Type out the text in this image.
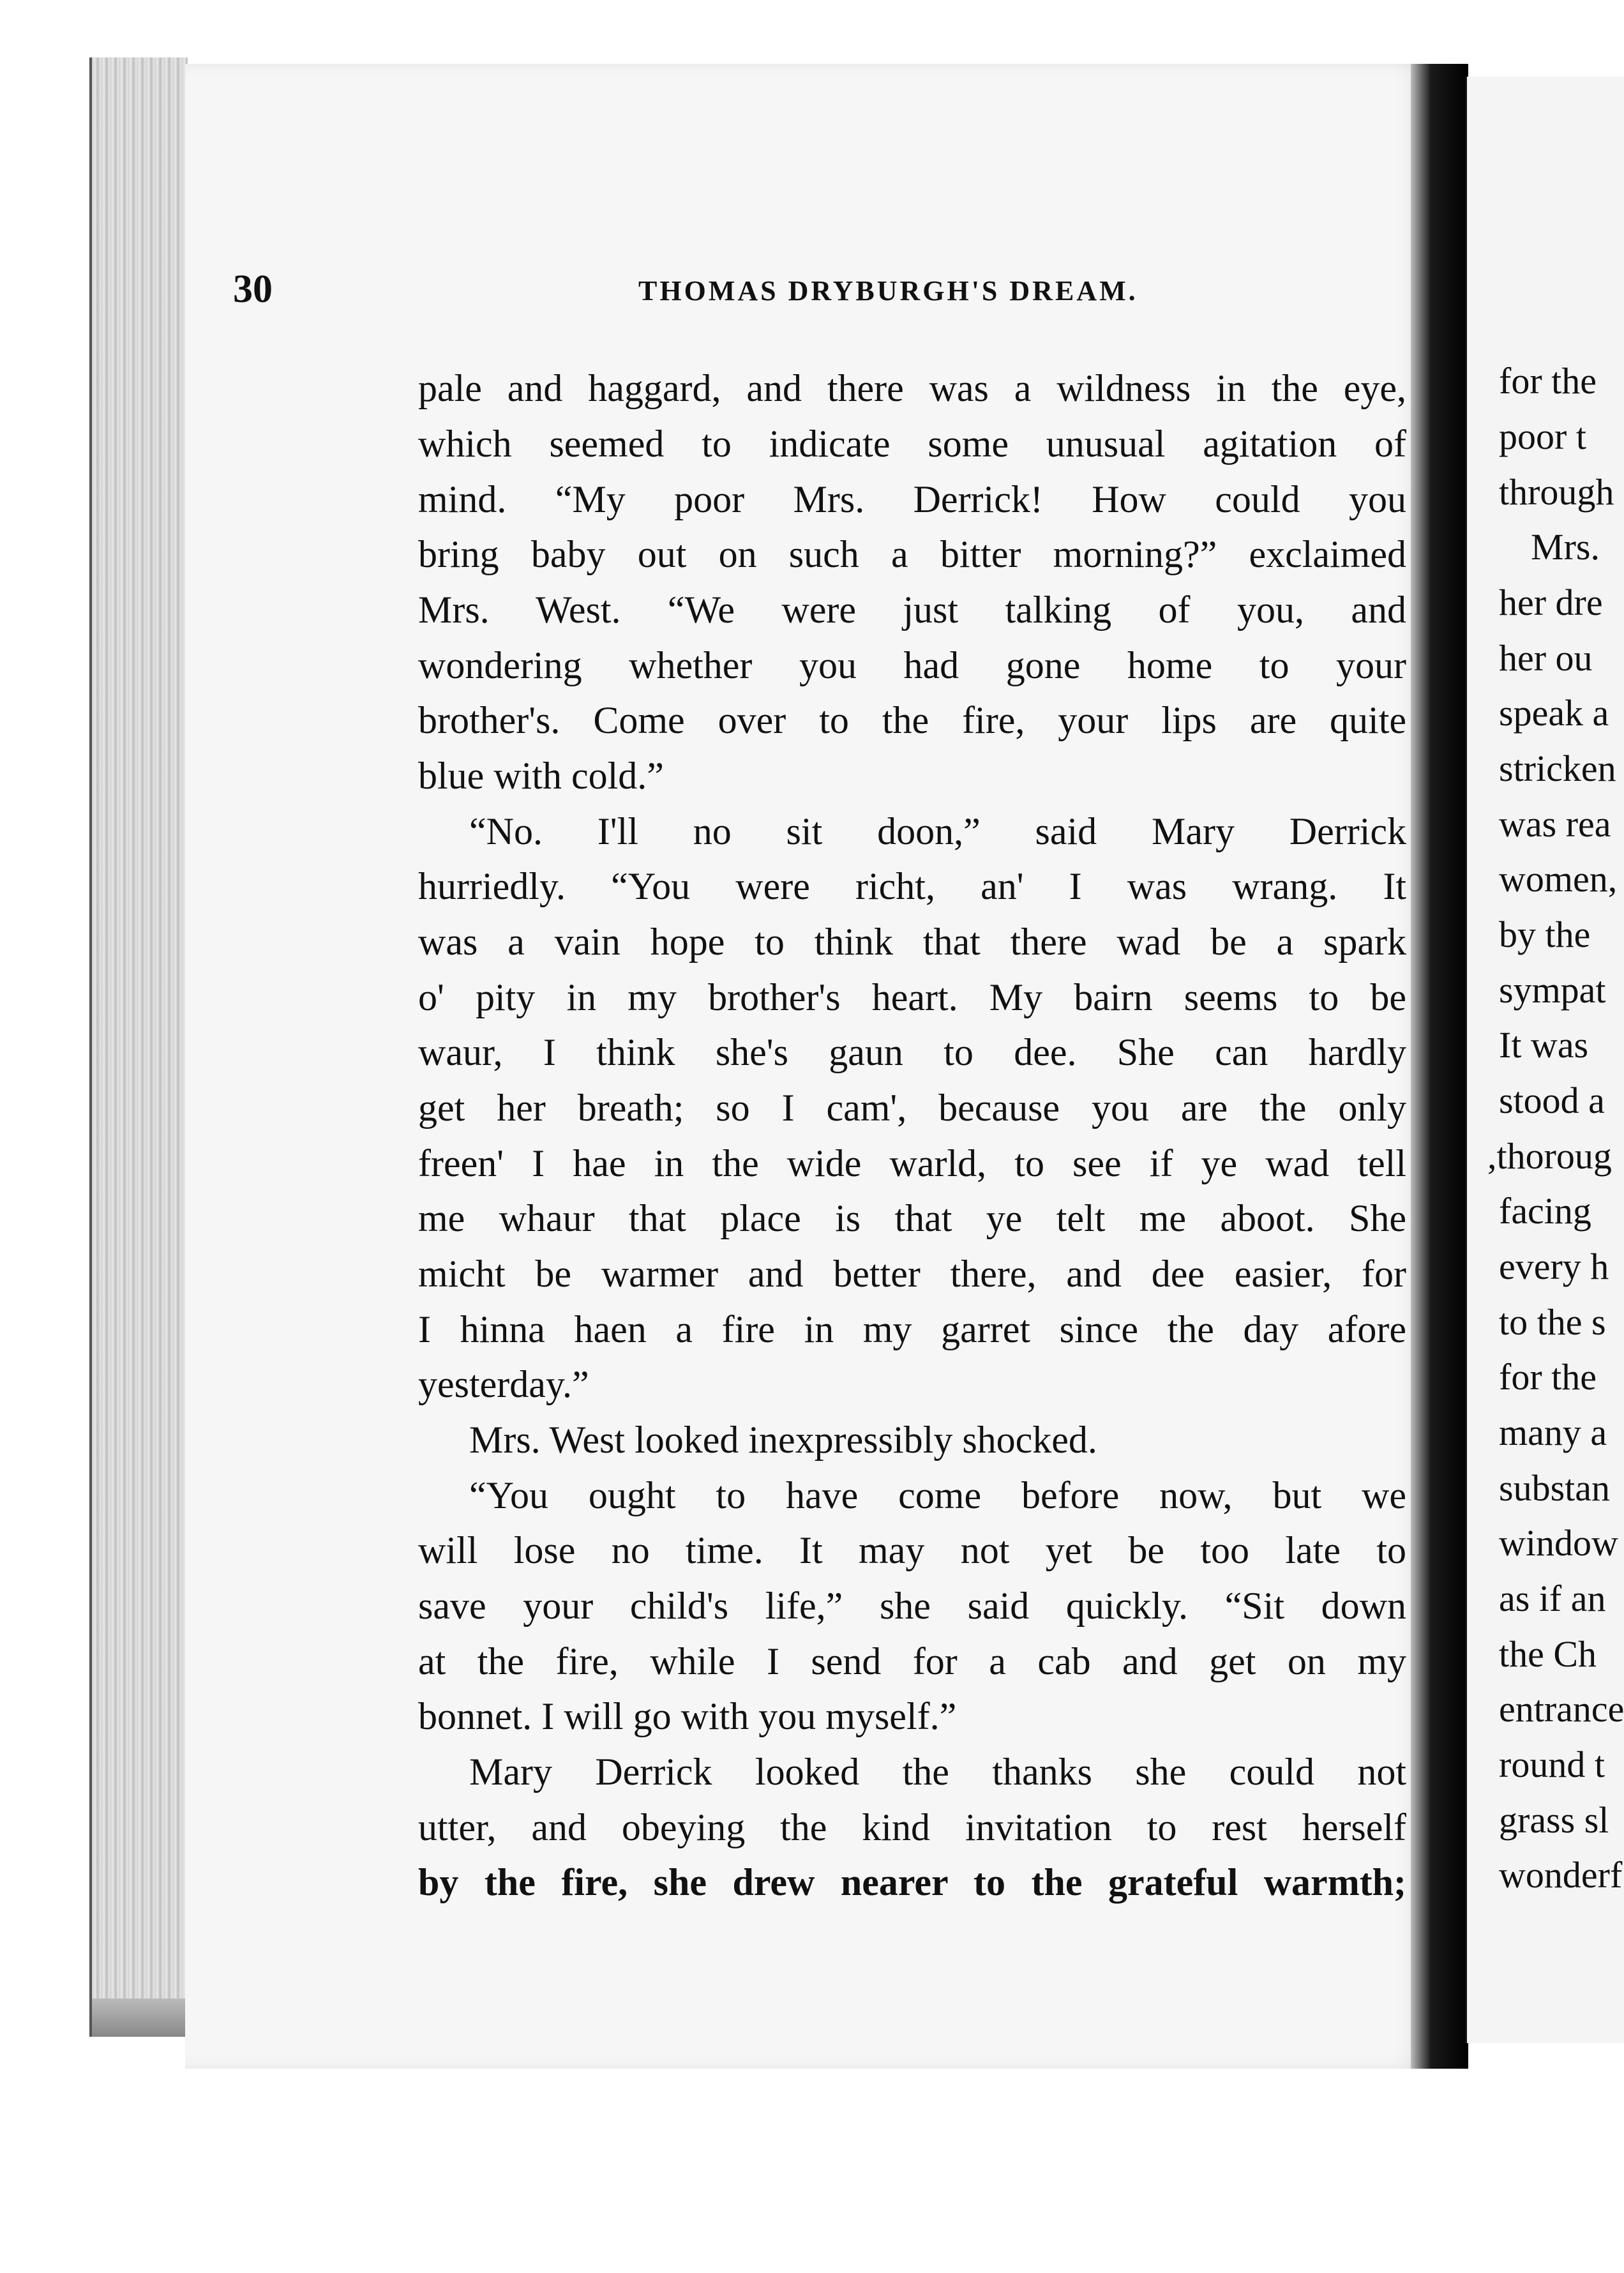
30	THOMAS DRYBURGH'S DREAM.
pale and haggard, and there was a wildness in the eye,
which seemed to indicate some unusual agitation of
mind. “My poor Mrs. Derrick! How could you
bring baby out on such a bitter morning?” exclaimed
Mrs. West. “We were just talking of you, and
wondering whether you had gone home to your
brother's. Come over to the fire, your lips are quite
blue with cold.”
“No. I'll no sit doon,” said Mary Derrick
hurriedly. “You were richt, an' I was wrang. It
was a vain hope to think that there wad be a spark
o' pity in my brother's heart. My bairn seems to be
waur, I think she's gaun to dee. She can hardly
get her breath; so I cam', because you are the only
freen' I hae in the wide warld, to see if ye wad tell
me whaur that place is that ye telt me aboot. She
micht be warmer and better there, and dee easier, for
I hinna haen a fire in my garret since the day afore
yesterday.”
Mrs. West looked inexpressibly shocked.
“You ought to have come before now, but we
will lose no time. It may not yet be too late to
save your child's life,” she said quickly. “Sit down
at the fire, while I send for a cab and get on my
bonnet. I will go with you myself.”
Mary Derrick looked the thanks she could not
utter, and obeying the kind invitation to rest herself
by the fire, she drew nearer to the grateful warmth;
for the
poor t
through
Mrs.
her dre
her ou
speak a
stricken
was rea
women,
by the
sympat
It was
stood a
,thoroug
facing
every h
to the s
for the
many a
substan
window
as if an
the Ch
entrance
round t
grass sl
wonderf
